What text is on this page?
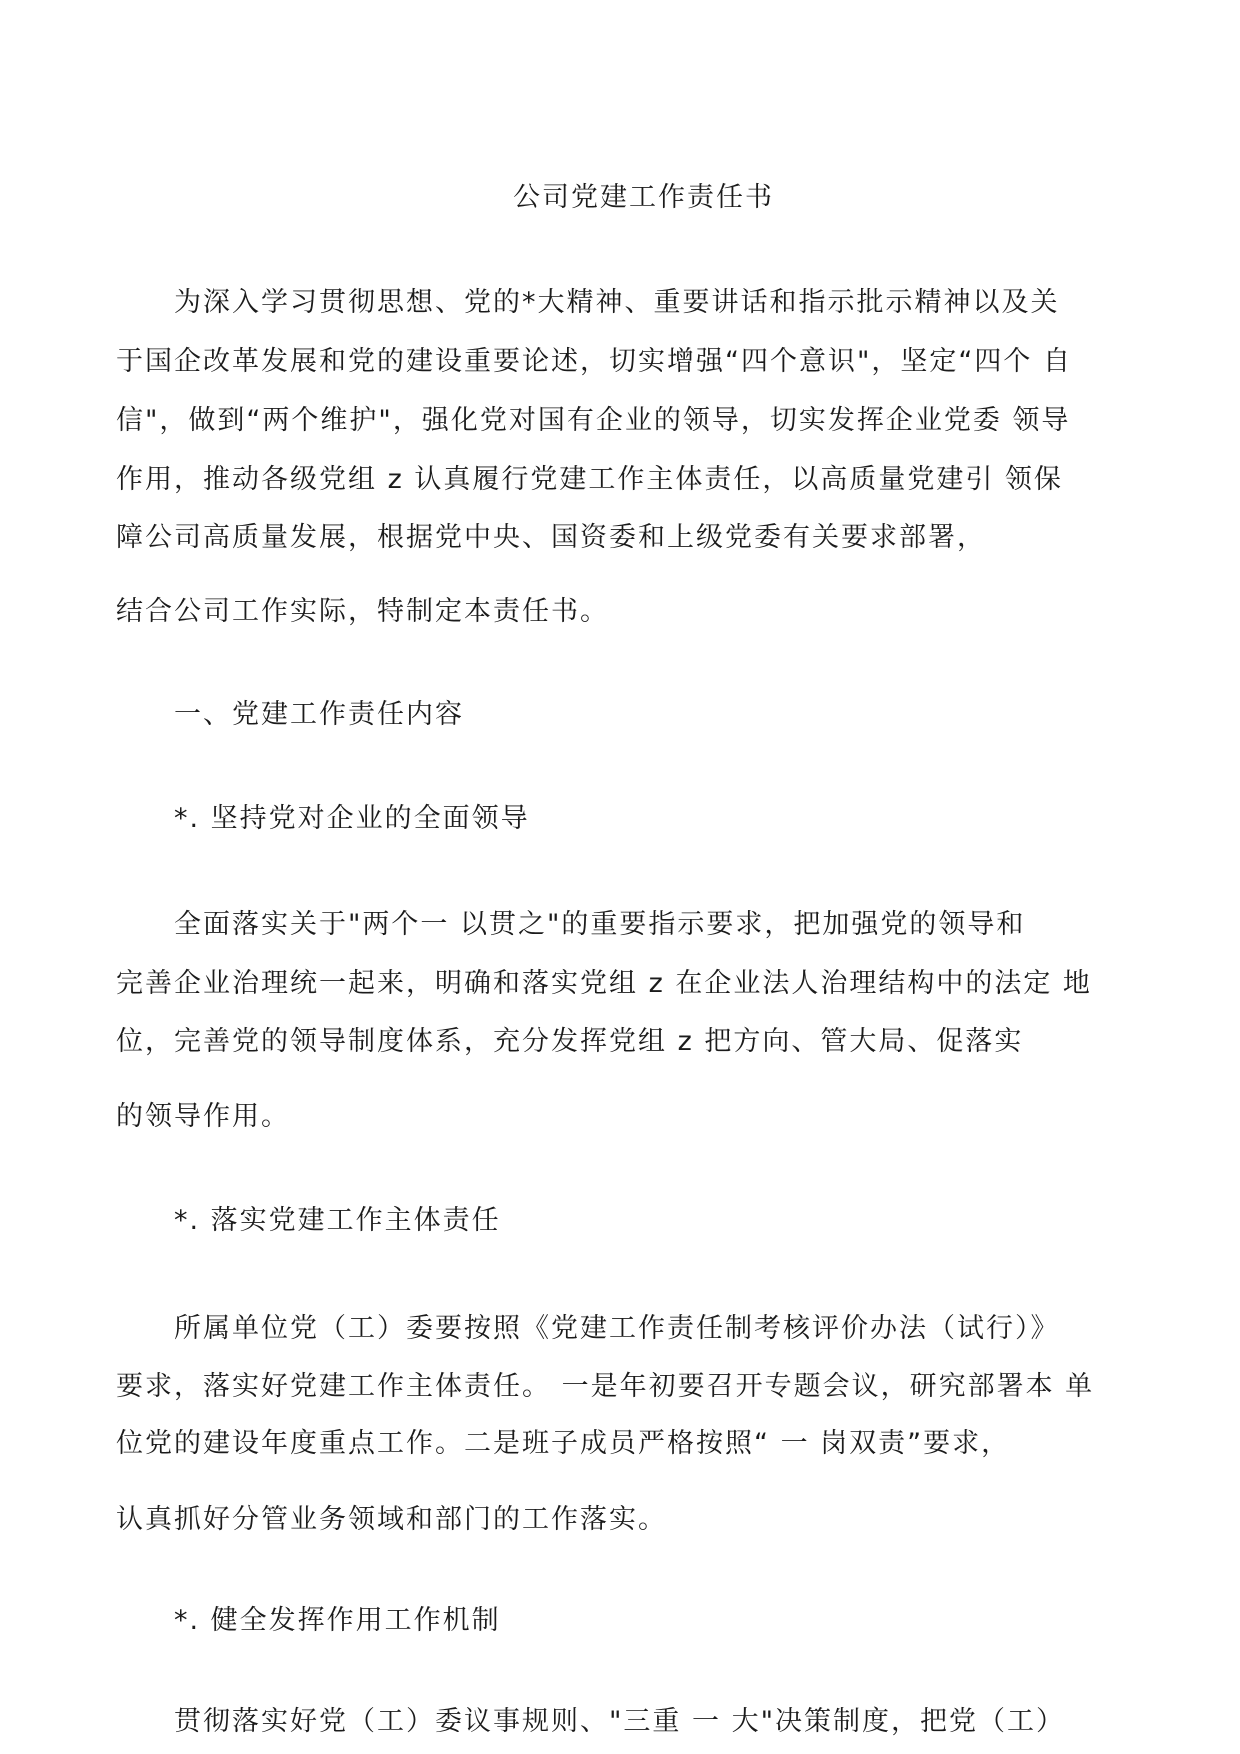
公司党建工作责任书
为深入学习贯彻思想、党的*大精神、重要讲话和指示批示精神以及关
于国企改革发展和党的建设重要论述，切实增强“四个意识"，坚定“四个 自
信"，做到“两个维护"，强化党对国有企业的领导，切实发挥企业党委 领导
作用，推动各级党组 z 认真履行党建工作主体责任，以高质量党建引 领保
障公司高质量发展，根据党中央、国资委和上级党委有关要求部署，
结合公司工作实际，特制定本责任书。
一、党建工作责任内容
*. 坚持党对企业的全面领导
全面落实关于"两个一 以贯之"的重要指示要求，把加强党的领导和
完善企业治理统一起来，明确和落实党组 z 在企业法人治理结构中的法定 地
位，完善党的领导制度体系，充分发挥党组 z 把方向、管大局、促落实
的领导作用。
*. 落实党建工作主体责任
所属单位党（工）委要按照《党建工作责任制考核评价办法（试行）》
要求，落实好党建工作主体责任。 一是年初要召开专题会议，研究部署本 单
位党的建设年度重点工作。二是班子成员严格按照“ 一 岗双责”要求，
认真抓好分管业务领域和部门的工作落实。
*. 健全发挥作用工作机制
贯彻落实好党（工）委议事规则、"三重 一 大"决策制度，把党（工）
